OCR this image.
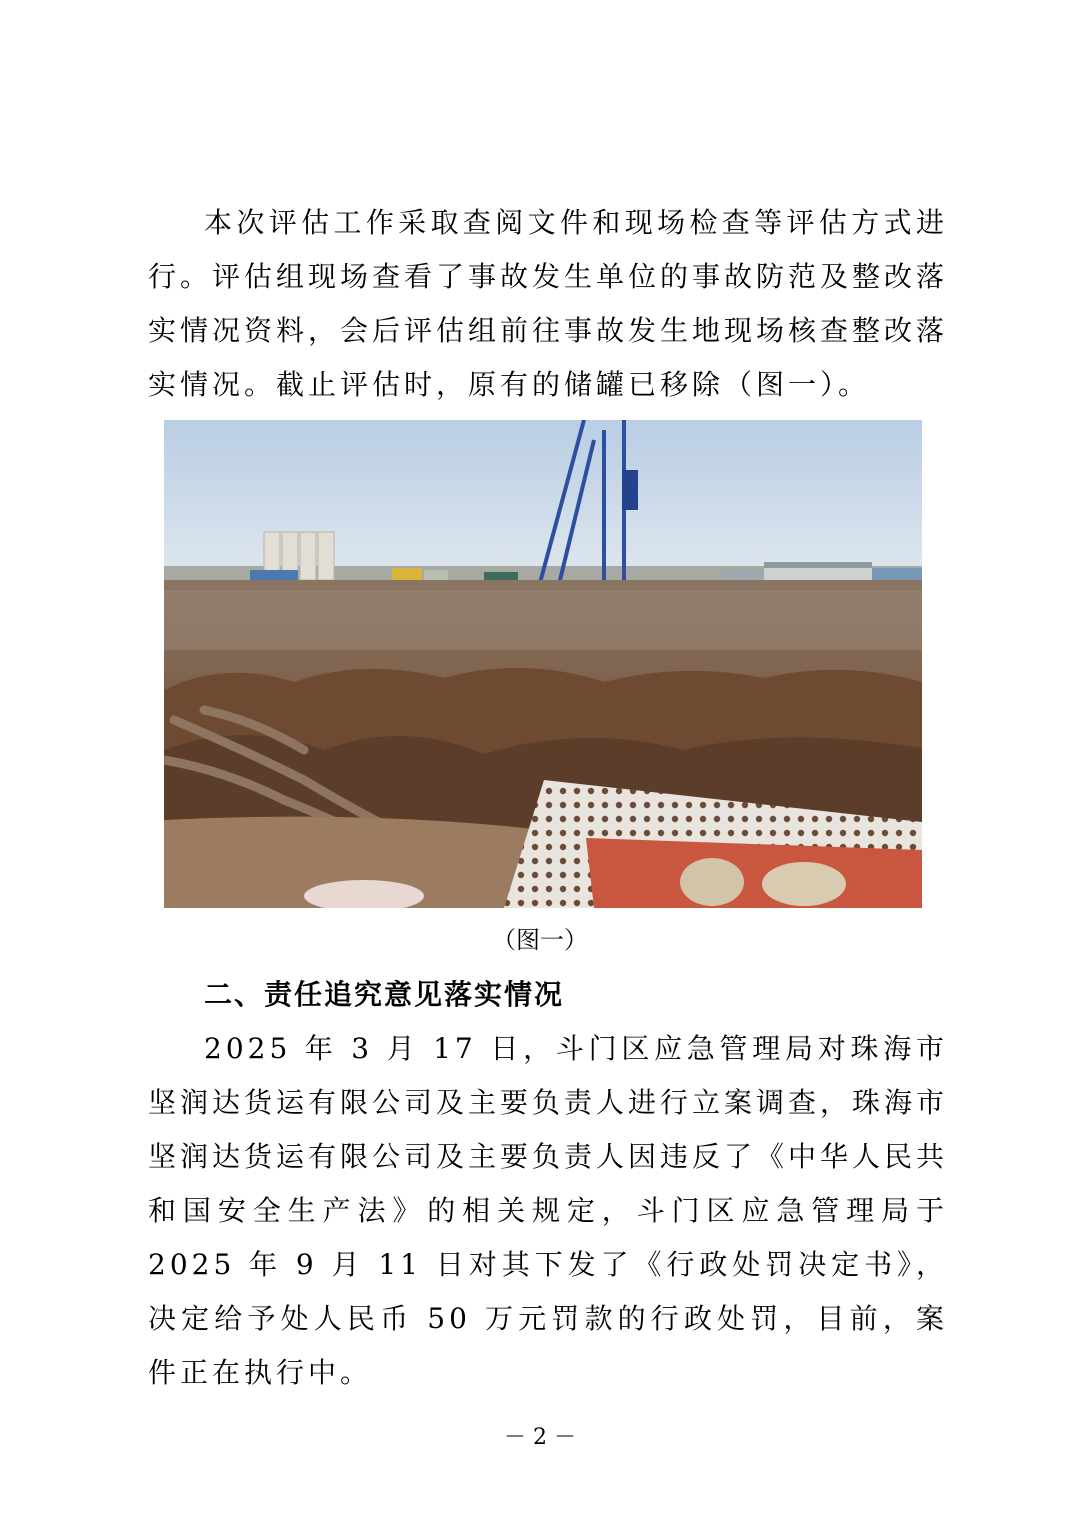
本次评估工作采取查阅文件和现场检查等评估方式进行。评估组现场查看了事故发生单位的事故防范及整改落实情况资料，会后评估组前往事故发生地现场核查整改落实情况。截止评估时，原有的储罐已移除（图一）。

（图一）
二、责任追究意见落实情况

2025 年 3 月 17 日，斗门区应急管理局对珠海市坚润达货运有限公司及主要负责人进行立案调查，珠海市坚润达货运有限公司及主要负责人因违反了《中华人民共和国安全生产法》的相关规定，斗门区应急管理局于 2025 年 9 月 11 日对其下发了《行政处罚决定书》，决定给予处人民币 50 万元罚款的行政处罚，目前，案件正在执行中。

－ 2 －
